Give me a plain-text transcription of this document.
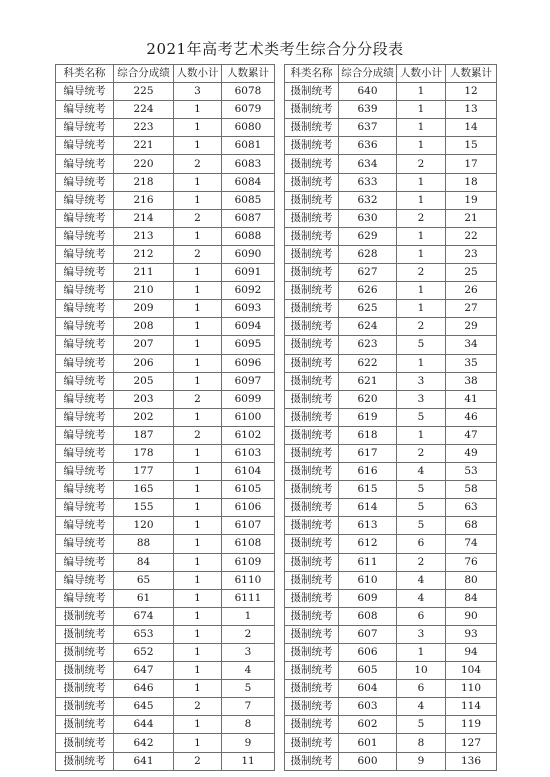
2021年高考艺术类考生综合分分段表
科类名称	综合分成绩	人数小计	人数累计
编导统考	225	3	6078
编导统考	224	1	6079
编导统考	223	1	6080
编导统考	221	1	6081
编导统考	220	2	6083
编导统考	218	1	6084
编导统考	216	1	6085
编导统考	214	2	6087
编导统考	213	1	6088
编导统考	212	2	6090
编导统考	211	1	6091
编导统考	210	1	6092
编导统考	209	1	6093
编导统考	208	1	6094
编导统考	207	1	6095
编导统考	206	1	6096
编导统考	205	1	6097
编导统考	203	2	6099
编导统考	202	1	6100
编导统考	187	2	6102
编导统考	178	1	6103
编导统考	177	1	6104
编导统考	165	1	6105
编导统考	155	1	6106
编导统考	120	1	6107
编导统考	88	1	6108
编导统考	84	1	6109
编导统考	65	1	6110
编导统考	61	1	6111
摄制统考	674	1	1
摄制统考	653	1	2
摄制统考	652	1	3
摄制统考	647	1	4
摄制统考	646	1	5
摄制统考	645	2	7
摄制统考	644	1	8
摄制统考	642	1	9
摄制统考	641	2	11
科类名称	综合分成绩	人数小计	人数累计
摄制统考	640	1	12
摄制统考	639	1	13
摄制统考	637	1	14
摄制统考	636	1	15
摄制统考	634	2	17
摄制统考	633	1	18
摄制统考	632	1	19
摄制统考	630	2	21
摄制统考	629	1	22
摄制统考	628	1	23
摄制统考	627	2	25
摄制统考	626	1	26
摄制统考	625	1	27
摄制统考	624	2	29
摄制统考	623	5	34
摄制统考	622	1	35
摄制统考	621	3	38
摄制统考	620	3	41
摄制统考	619	5	46
摄制统考	618	1	47
摄制统考	617	2	49
摄制统考	616	4	53
摄制统考	615	5	58
摄制统考	614	5	63
摄制统考	613	5	68
摄制统考	612	6	74
摄制统考	611	2	76
摄制统考	610	4	80
摄制统考	609	4	84
摄制统考	608	6	90
摄制统考	607	3	93
摄制统考	606	1	94
摄制统考	605	10	104
摄制统考	604	6	110
摄制统考	603	4	114
摄制统考	602	5	119
摄制统考	601	8	127
摄制统考	600	9	136
